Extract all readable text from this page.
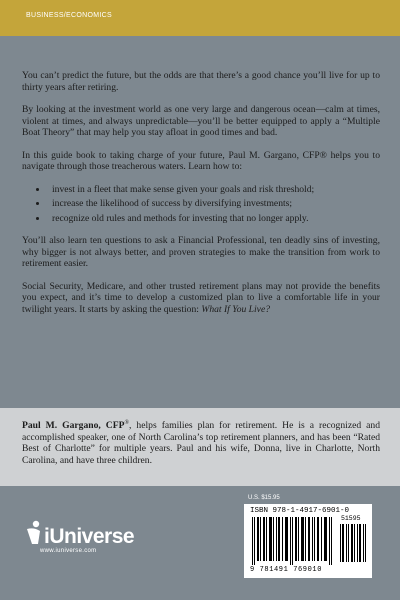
BUSINESS/ECONOMICS

You can’t predict the future, but the odds are that there’s a good chance you’ll live for up to thirty years after retiring.

By looking at the investment world as one very large and dangerous ocean—calm at times, violent at times, and always unpredictable—you’ll be better equipped to apply a “Multiple Boat Theory” that may help you stay afloat in good times and bad.

In this guide book to taking charge of your future, Paul M. Gargano, CFP® helps you to navigate through those treacherous waters. Learn how to:

• invest in a fleet that make sense given your goals and risk threshold;
• increase the likelihood of success by diversifying investments;
• recognize old rules and methods for investing that no longer apply.

You’ll also learn ten questions to ask a Financial Professional, ten deadly sins of investing, why bigger is not always better, and proven strategies to make the transition from work to retirement easier.

Social Security, Medicare, and other trusted retirement plans may not provide the benefits you expect, and it’s time to develop a customized plan to live a comfortable life in your twilight years. It starts by asking the question: What If You Live?

Paul M. Gargano, CFP®, helps families plan for retirement. He is a recognized and accomplished speaker, one of North Carolina’s top retirement planners, and has been “Rated Best of Charlotte” for multiple years. Paul and his wife, Donna, live in Charlotte, North Carolina, and have three children.
U.S. $15.95
ISBN 978-1-4917-6901-0
51595
9 781491 769010
iUniverse
www.iuniverse.com
